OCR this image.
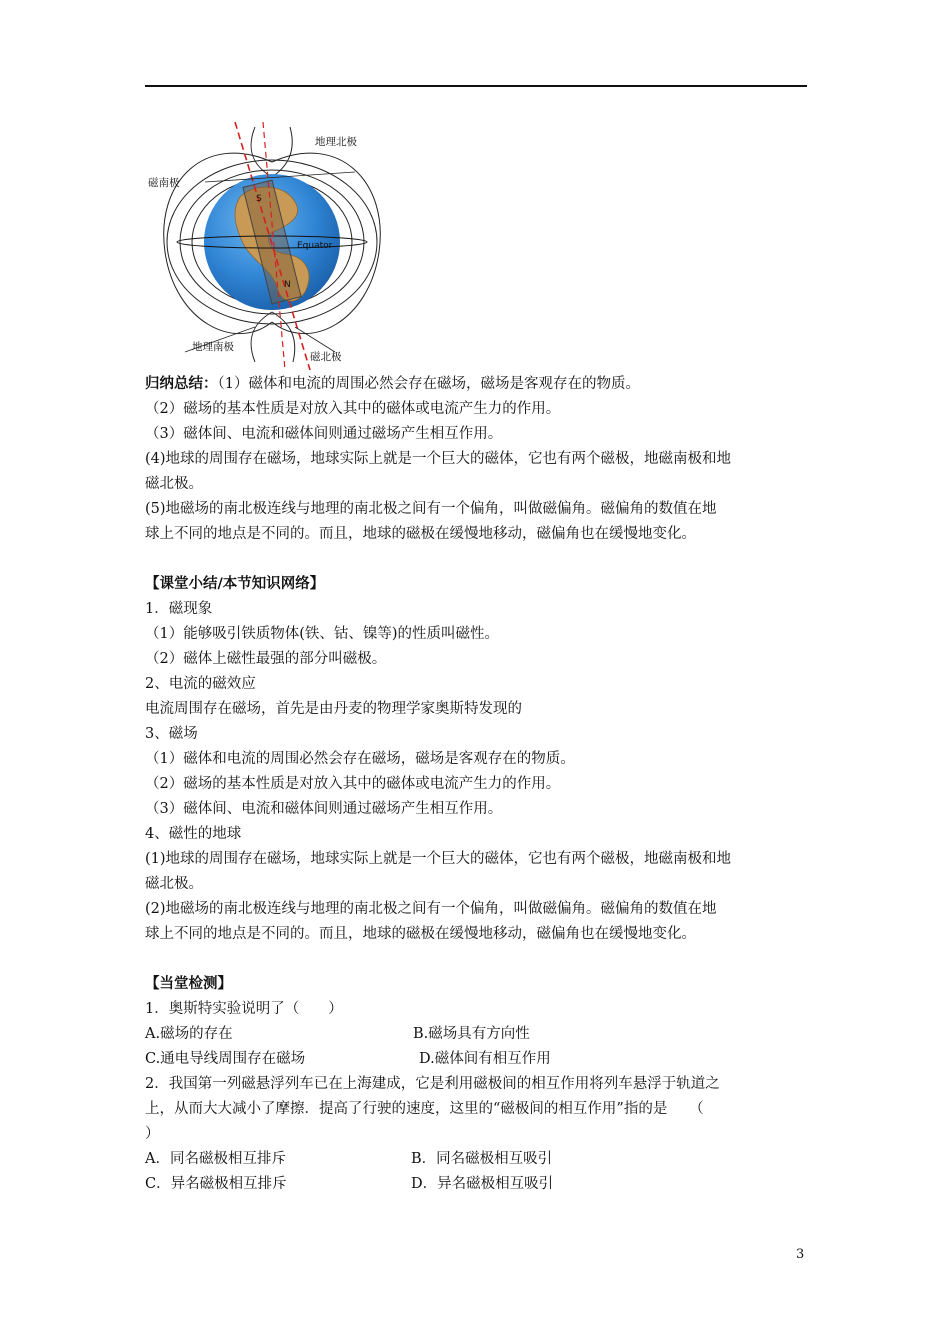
地理北极
磁南极
地理南极
磁北极
Equator
S
N

归纳总结：（1）磁体和电流的周围必然会存在磁场，磁场是客观存在的物质。

（2）磁场的基本性质是对放入其中的磁体或电流产生力的作用。

（3）磁体间、电流和磁体间则通过磁场产生相互作用。

(4)地球的周围存在磁场，地球实际上就是一个巨大的磁体，它也有两个磁极，地磁南极和地

磁北极。

(5)地磁场的南北极连线与地理的南北极之间有一个偏角，叫做磁偏角。磁偏角的数值在地

球上不同的地点是不同的。而且，地球的磁极在缓慢地移动，磁偏角也在缓慢地变化。

【课堂小结/本节知识网络】

1．磁现象

（1）能够吸引铁质物体(铁、钴、镍等)的性质叫磁性。

（2）磁体上磁性最强的部分叫磁极。

2、电流的磁效应

电流周围存在磁场，首先是由丹麦的物理学家奥斯特发现的

3、磁场

（1）磁体和电流的周围必然会存在磁场，磁场是客观存在的物质。

（2）磁场的基本性质是对放入其中的磁体或电流产生力的作用。

（3）磁体间、电流和磁体间则通过磁场产生相互作用。

4、磁性的地球

(1)地球的周围存在磁场，地球实际上就是一个巨大的磁体，它也有两个磁极，地磁南极和地

磁北极。

(2)地磁场的南北极连线与地理的南北极之间有一个偏角，叫做磁偏角。磁偏角的数值在地

球上不同的地点是不同的。而且，地球的磁极在缓慢地移动，磁偏角也在缓慢地变化。

【当堂检测】

1．奥斯特实验说明了（　　）

A.磁场的存在	B.磁场具有方向性
C.通电导线周围存在磁场	D.磁体间有相互作用

2．我国第一列磁悬浮列车已在上海建成，它是利用磁极间的相互作用将列车悬浮于轨道之

上，从而大大减小了摩擦．提高了行驶的速度，这里的“磁极间的相互作用”指的是　　（

）

A．同名磁极相互排斥	B．同名磁极相互吸引
C．异名磁极相互排斥	D．异名磁极相互吸引
3
